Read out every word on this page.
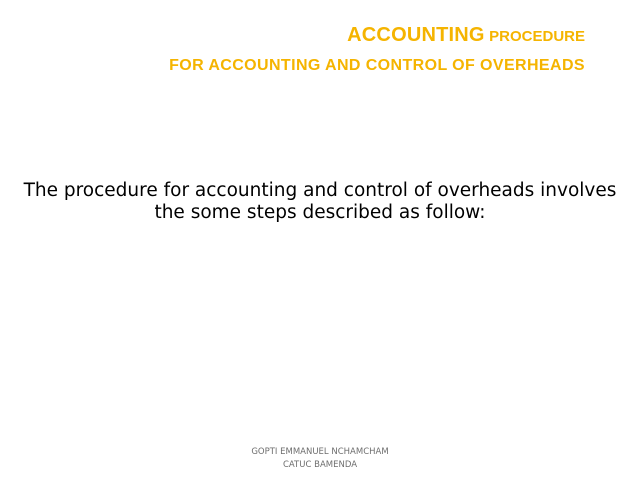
ACCOUNTING PROCEDURE
FOR ACCOUNTING AND CONTROL OF OVERHEADS
The procedure for accounting and control of overheads involves the some steps described as follow:
GOPTI EMMANUEL NCHAMCHAM
CATUC BAMENDA
